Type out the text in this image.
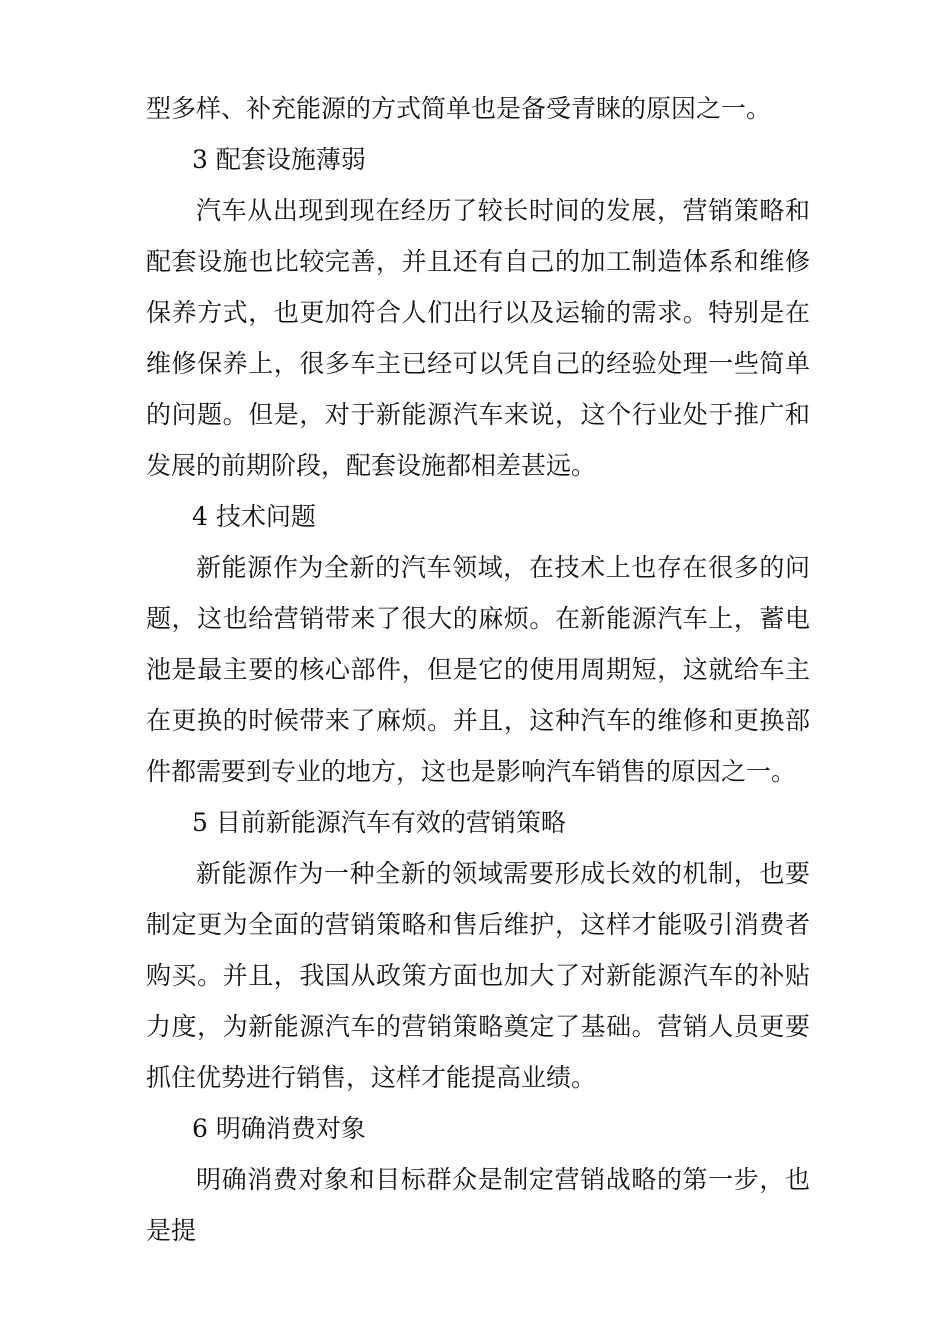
型多样、补充能源的方式简单也是备受青睐的原因之一。

3 配套设施薄弱

汽车从出现到现在经历了较长时间的发展，营销策略和配套设施也比较完善，并且还有自己的加工制造体系和维修保养方式，也更加符合人们出行以及运输的需求。特别是在维修保养上，很多车主已经可以凭自己的经验处理一些简单的问题。但是，对于新能源汽车来说，这个行业处于推广和发展的前期阶段，配套设施都相差甚远。

4 技术问题

新能源作为全新的汽车领域，在技术上也存在很多的问题，这也给营销带来了很大的麻烦。在新能源汽车上，蓄电池是最主要的核心部件，但是它的使用周期短，这就给车主在更换的时候带来了麻烦。并且，这种汽车的维修和更换部件都需要到专业的地方，这也是影响汽车销售的原因之一。

5 目前新能源汽车有效的营销策略

新能源作为一种全新的领域需要形成长效的机制，也要制定更为全面的营销策略和售后维护，这样才能吸引消费者购买。并且，我国从政策方面也加大了对新能源汽车的补贴力度，为新能源汽车的营销策略奠定了基础。营销人员更要抓住优势进行销售，这样才能提高业绩。

6 明确消费对象

明确消费对象和目标群众是制定营销战略的第一步，也是提
